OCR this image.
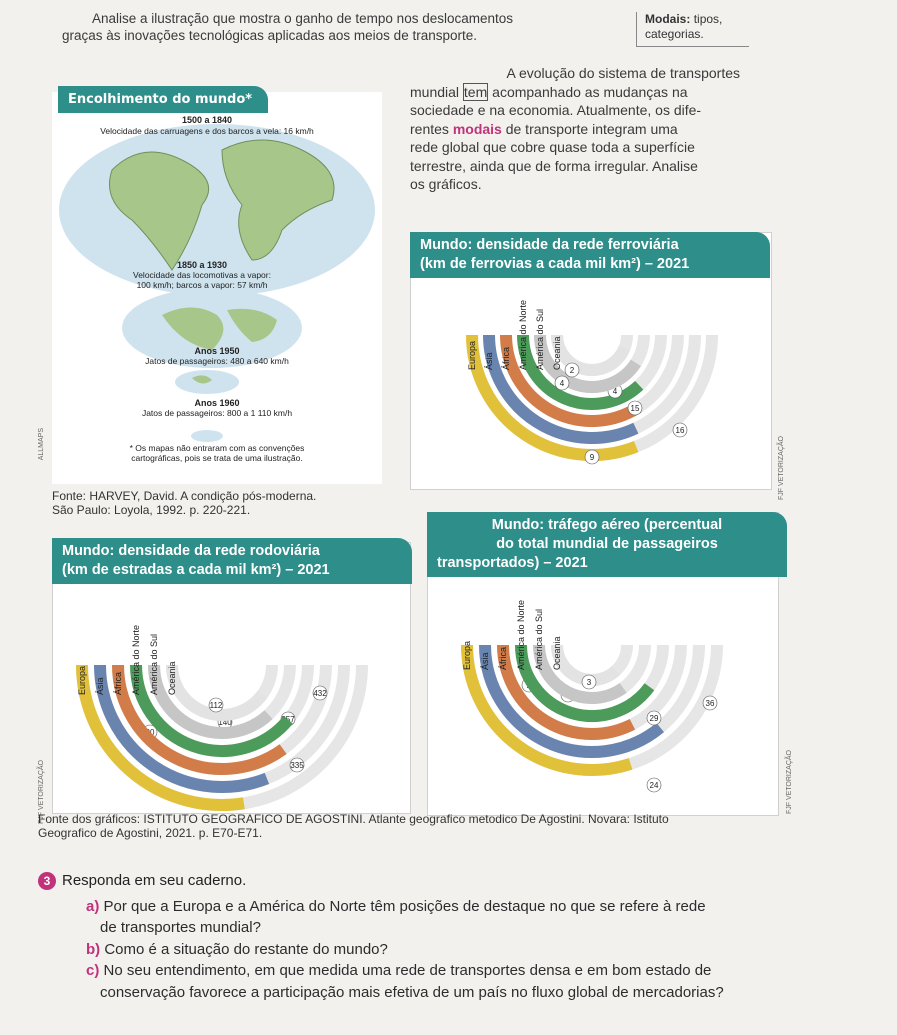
Analise a ilustração que mostra o ganho de tempo nos deslocamentos
graças às inovações tecnológicas aplicadas aos meios de transporte.
Modais: tipos, categorias.
A evolução do sistema de transportes
mundial tem acompanhado as mudanças na
sociedade e na economia. Atualmente, os dife-
rentes modais de transporte integram uma
rede global que cobre quase toda a superfície
terrestre, ainda que de forma irregular. Analise
os gráficos.
Encolhimento do mundo*
1500 a 1840
Velocidade das carruagens e dos barcos a vela: 16 km/h
1850 a 1930
Velocidade das locomotivas a vapor:
100 km/h; barcos a vapor: 57 km/h
Anos 1950
Jatos de passageiros: 480 a 640 km/h
Anos 1960
Jatos de passageiros: 800 a 1 110 km/h
* Os mapas não entraram com as convenções
cartográficas, pois se trata de uma ilustração.
ALLMAPS
Fonte: HARVEY, David. A condição pós-moderna.
São Paulo: Loyola, 1992. p. 220-221.
Mundo: densidade da rede ferroviária
(km de ferrovias a cada mil km²) – 2021
Europa
9
Ásia
16
África
15
América do Norte
4
América do Sul
4
Oceania
2
FJF VETORIZAÇÃO
Mundo: densidade da rede rodoviária
(km de estradas a cada mil km²) – 2021
Europa
335
Ásia
80
África
357
América do Norte
140
América do Sul	432
Oceania
112
FJF VETORIZAÇÃO
Mundo: tráfego aéreo (percentual
do total mundial de passageiros
transportados) – 2021
Europa
24
Ásia
2
África
29
América do Norte
6
América do Sul
36
Oceania
3
FJF VETORIZAÇÃO
Fonte dos gráficos: ISTITUTO GEOGRAFICO DE AGOSTINI. Atlante geografico metodico De Agostini. Novara: Istituto
Geografico de Agostini, 2021. p. E70-E71.

3 Responda em seu caderno.

a) Por que a Europa e a América do Norte têm posições de destaque no que se refere à rede

de transportes mundial?

b) Como é a situação do restante do mundo?

c) No seu entendimento, em que medida uma rede de transportes densa e em bom estado de

conservação favorece a participação mais efetiva de um país no fluxo global de mercadorias?
